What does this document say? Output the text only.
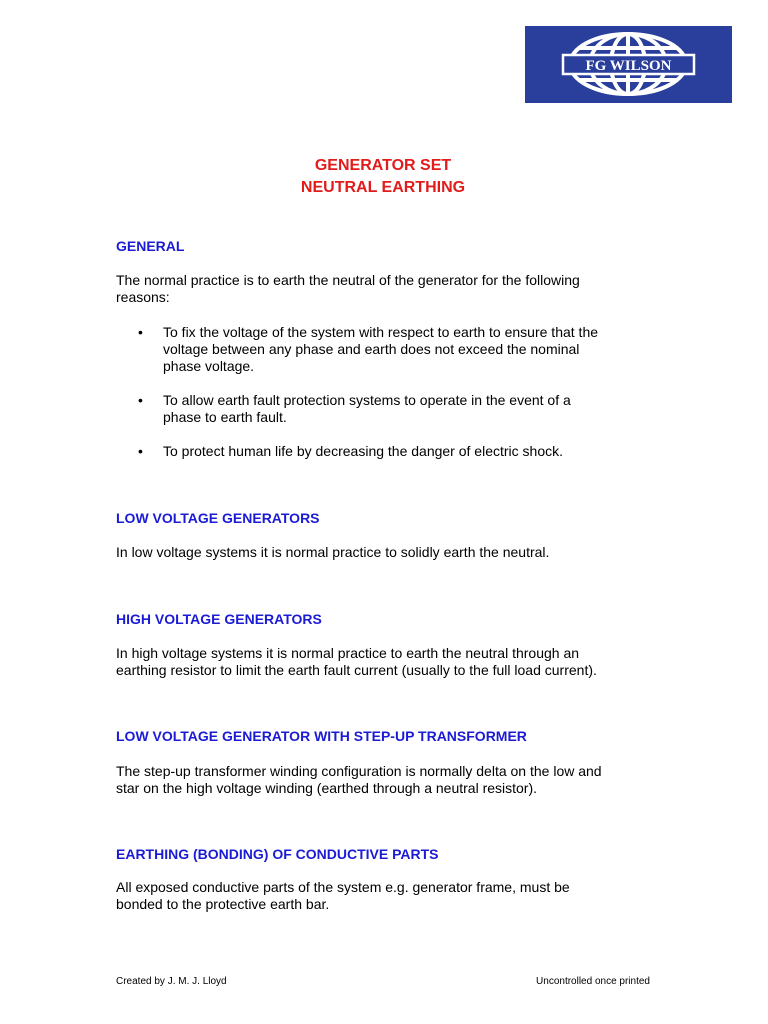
FG WILSON
GENERATOR SET
NEUTRAL EARTHING
GENERAL
The normal practice is to earth the neutral of the generator for the following
reasons:
•	To fix the voltage of the system with respect to earth to ensure that the
voltage between any phase and earth does not exceed the nominal
phase voltage.
•	To allow earth fault protection systems to operate in the event of a
phase to earth fault.
•	To protect human life by decreasing the danger of electric shock.
LOW VOLTAGE GENERATORS
In low voltage systems it is normal practice to solidly earth the neutral.
HIGH VOLTAGE GENERATORS
In high voltage systems it is normal practice to earth the neutral through an
earthing resistor to limit the earth fault current (usually to the full load current).
LOW VOLTAGE GENERATOR WITH STEP-UP TRANSFORMER
The step-up transformer winding configuration is normally delta on the low and
star on the high voltage winding (earthed through a neutral resistor).
EARTHING (BONDING) OF CONDUCTIVE PARTS
All exposed conductive parts of the system e.g. generator frame, must be
bonded to the protective earth bar.
Created by J. M. J. Lloyd	Uncontrolled once printed
